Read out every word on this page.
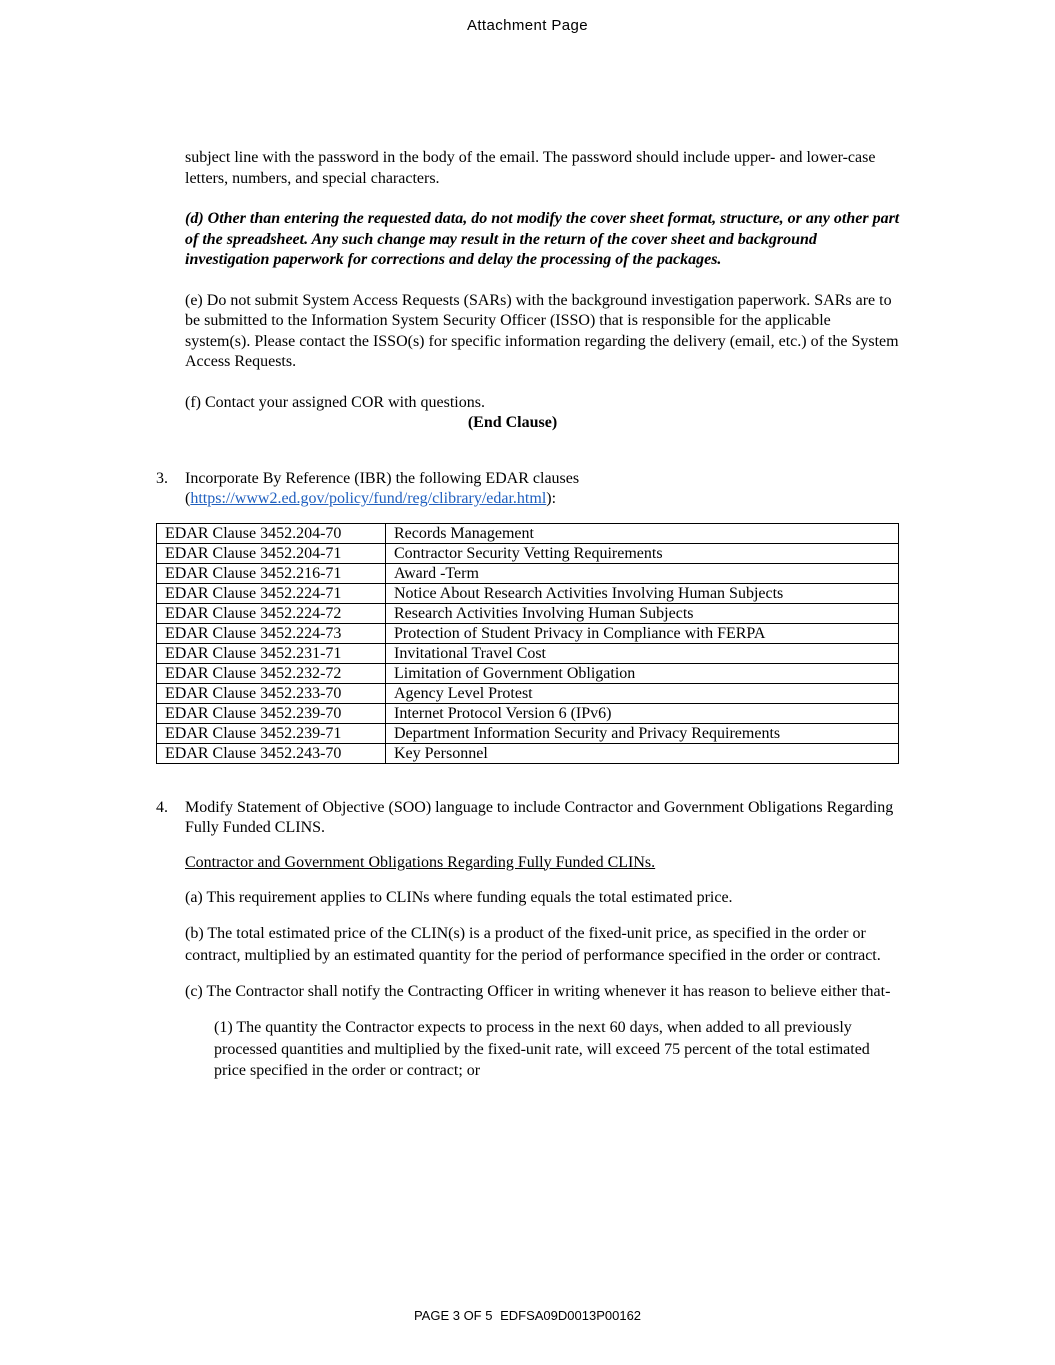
Attachment Page

subject line with the password in the body of the email. The password should include upper- and lower-case letters, numbers, and special characters.

(d) Other than entering the requested data, do not modify the cover sheet format, structure, or any other part of the spreadsheet. Any such change may result in the return of the cover sheet and background investigation paperwork for corrections and delay the processing of the packages.

(e) Do not submit System Access Requests (SARs) with the background investigation paperwork. SARs are to be submitted to the Information System Security Officer (ISSO) that is responsible for the applicable system(s). Please contact the ISSO(s) for specific information regarding the delivery (email, etc.) of the System Access Requests.

(f) Contact your assigned COR with questions.

(End Clause)

3. Incorporate By Reference (IBR) the following EDAR clauses

(https://www2.ed.gov/policy/fund/reg/clibrary/edar.html):

EDAR Clause 3452.204-70	Records Management
EDAR Clause 3452.204-71	Contractor Security Vetting Requirements
EDAR Clause 3452.216-71	Award -Term
EDAR Clause 3452.224-71	Notice About Research Activities Involving Human Subjects
EDAR Clause 3452.224-72	Research Activities Involving Human Subjects
EDAR Clause 3452.224-73	Protection of Student Privacy in Compliance with FERPA
EDAR Clause 3452.231-71	Invitational Travel Cost
EDAR Clause 3452.232-72	Limitation of Government Obligation
EDAR Clause 3452.233-70	Agency Level Protest
EDAR Clause 3452.239-70	Internet Protocol Version 6 (IPv6)
EDAR Clause 3452.239-71	Department Information Security and Privacy Requirements
EDAR Clause 3452.243-70	Key Personnel
4. Modify Statement of Objective (SOO) language to include Contractor and Government Obligations Regarding Fully Funded CLINS.

Contractor and Government Obligations Regarding Fully Funded CLINs.

(a) This requirement applies to CLINs where funding equals the total estimated price.

(b) The total estimated price of the CLIN(s) is a product of the fixed-unit price, as specified in the order or contract, multiplied by an estimated quantity for the period of performance specified in the order or contract.

(c) The Contractor shall notify the Contracting Officer in writing whenever it has reason to believe either that-

(1) The quantity the Contractor expects to process in the next 60 days, when added to all previously processed quantities and multiplied by the fixed-unit rate, will exceed 75 percent of the total estimated price specified in the order or contract; or

PAGE 3 OF 5 EDFSA09D0013P00162
